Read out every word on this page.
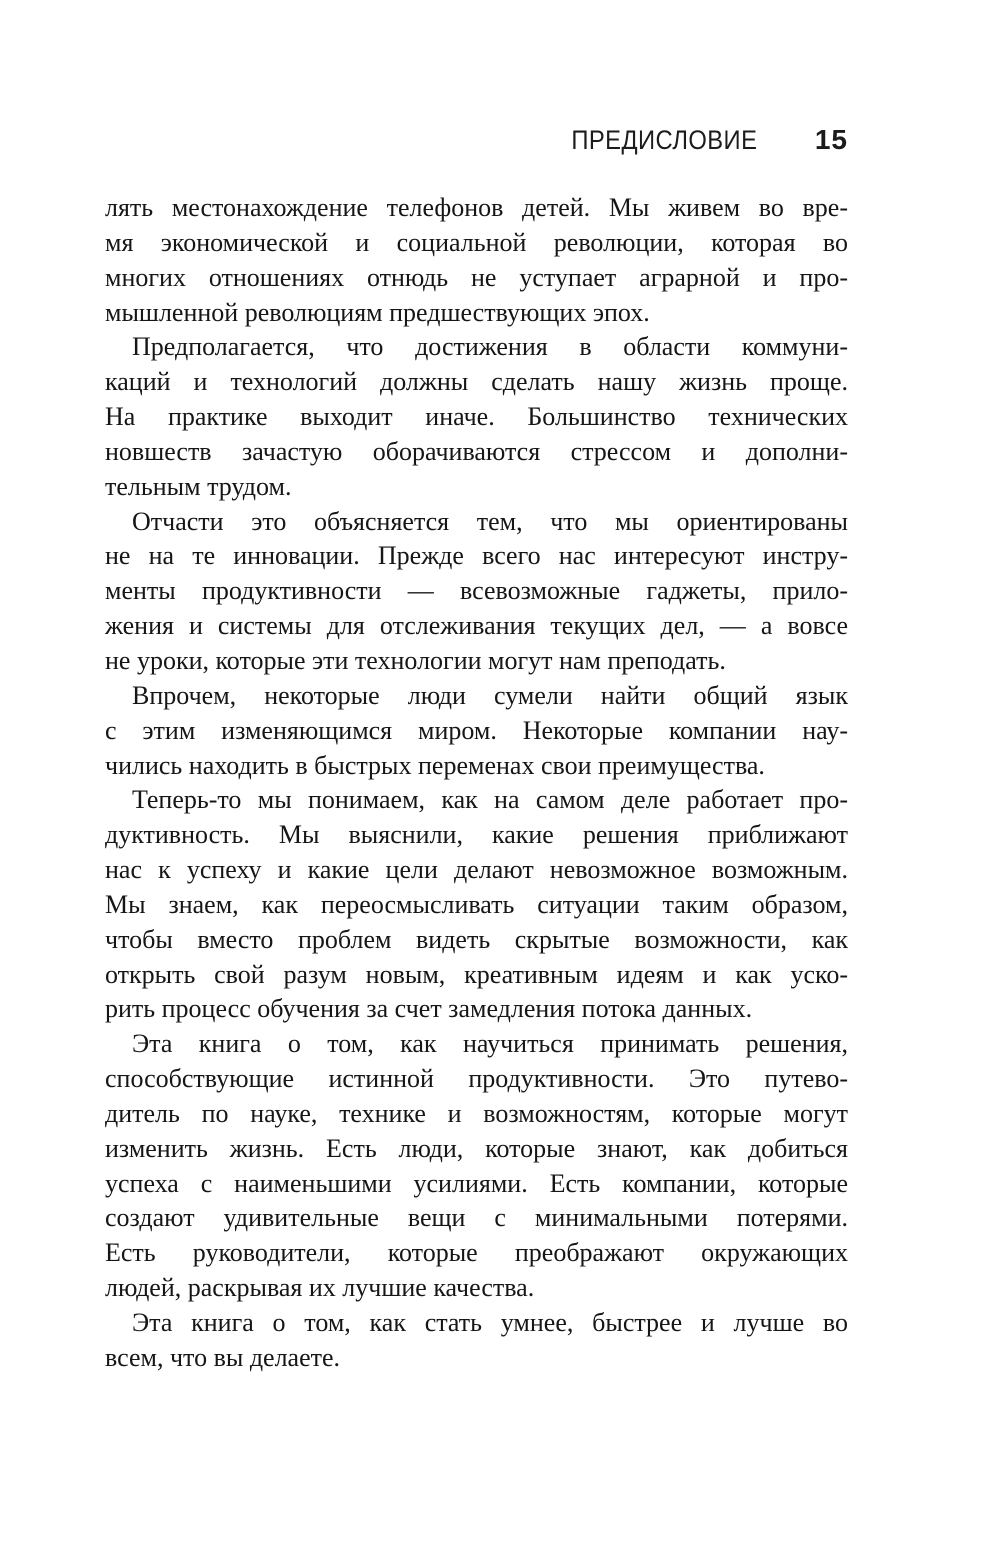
ПРЕДИСЛОВИЕ 15
лять местонахождение телефонов детей. Мы живем во вре-
мя экономической и социальной революции, которая во
многих отношениях отнюдь не уступает аграрной и про-
мышленной революциям предшествующих эпох.
Предполагается, что достижения в области коммуни-
каций и технологий должны сделать нашу жизнь проще.
На практике выходит иначе. Большинство технических
новшеств зачастую оборачиваются стрессом и дополни-
тельным трудом.
Отчасти это объясняется тем, что мы ориентированы
не на те инновации. Прежде всего нас интересуют инстру-
менты продуктивности — всевозможные гаджеты, прило-
жения и системы для отслеживания текущих дел, — а вовсе
не уроки, которые эти технологии могут нам преподать.
Впрочем, некоторые люди сумели найти общий язык
с этим изменяющимся миром. Некоторые компании нау-
чились находить в быстрых переменах свои преимущества.
Теперь-то мы понимаем, как на самом деле работает про-
дуктивность. Мы выяснили, какие решения приближают
нас к успеху и какие цели делают невозможное возможным.
Мы знаем, как переосмысливать ситуации таким образом,
чтобы вместо проблем видеть скрытые возможности, как
открыть свой разум новым, креативным идеям и как уско-
рить процесс обучения за счет замедления потока данных.
Эта книга о том, как научиться принимать решения,
способствующие истинной продуктивности. Это путево-
дитель по науке, технике и возможностям, которые могут
изменить жизнь. Есть люди, которые знают, как добиться
успеха с наименьшими усилиями. Есть компании, которые
создают удивительные вещи с минимальными потерями.
Есть руководители, которые преображают окружающих
людей, раскрывая их лучшие качества.
Эта книга о том, как стать умнее, быстрее и лучше во
всем, что вы делаете.
